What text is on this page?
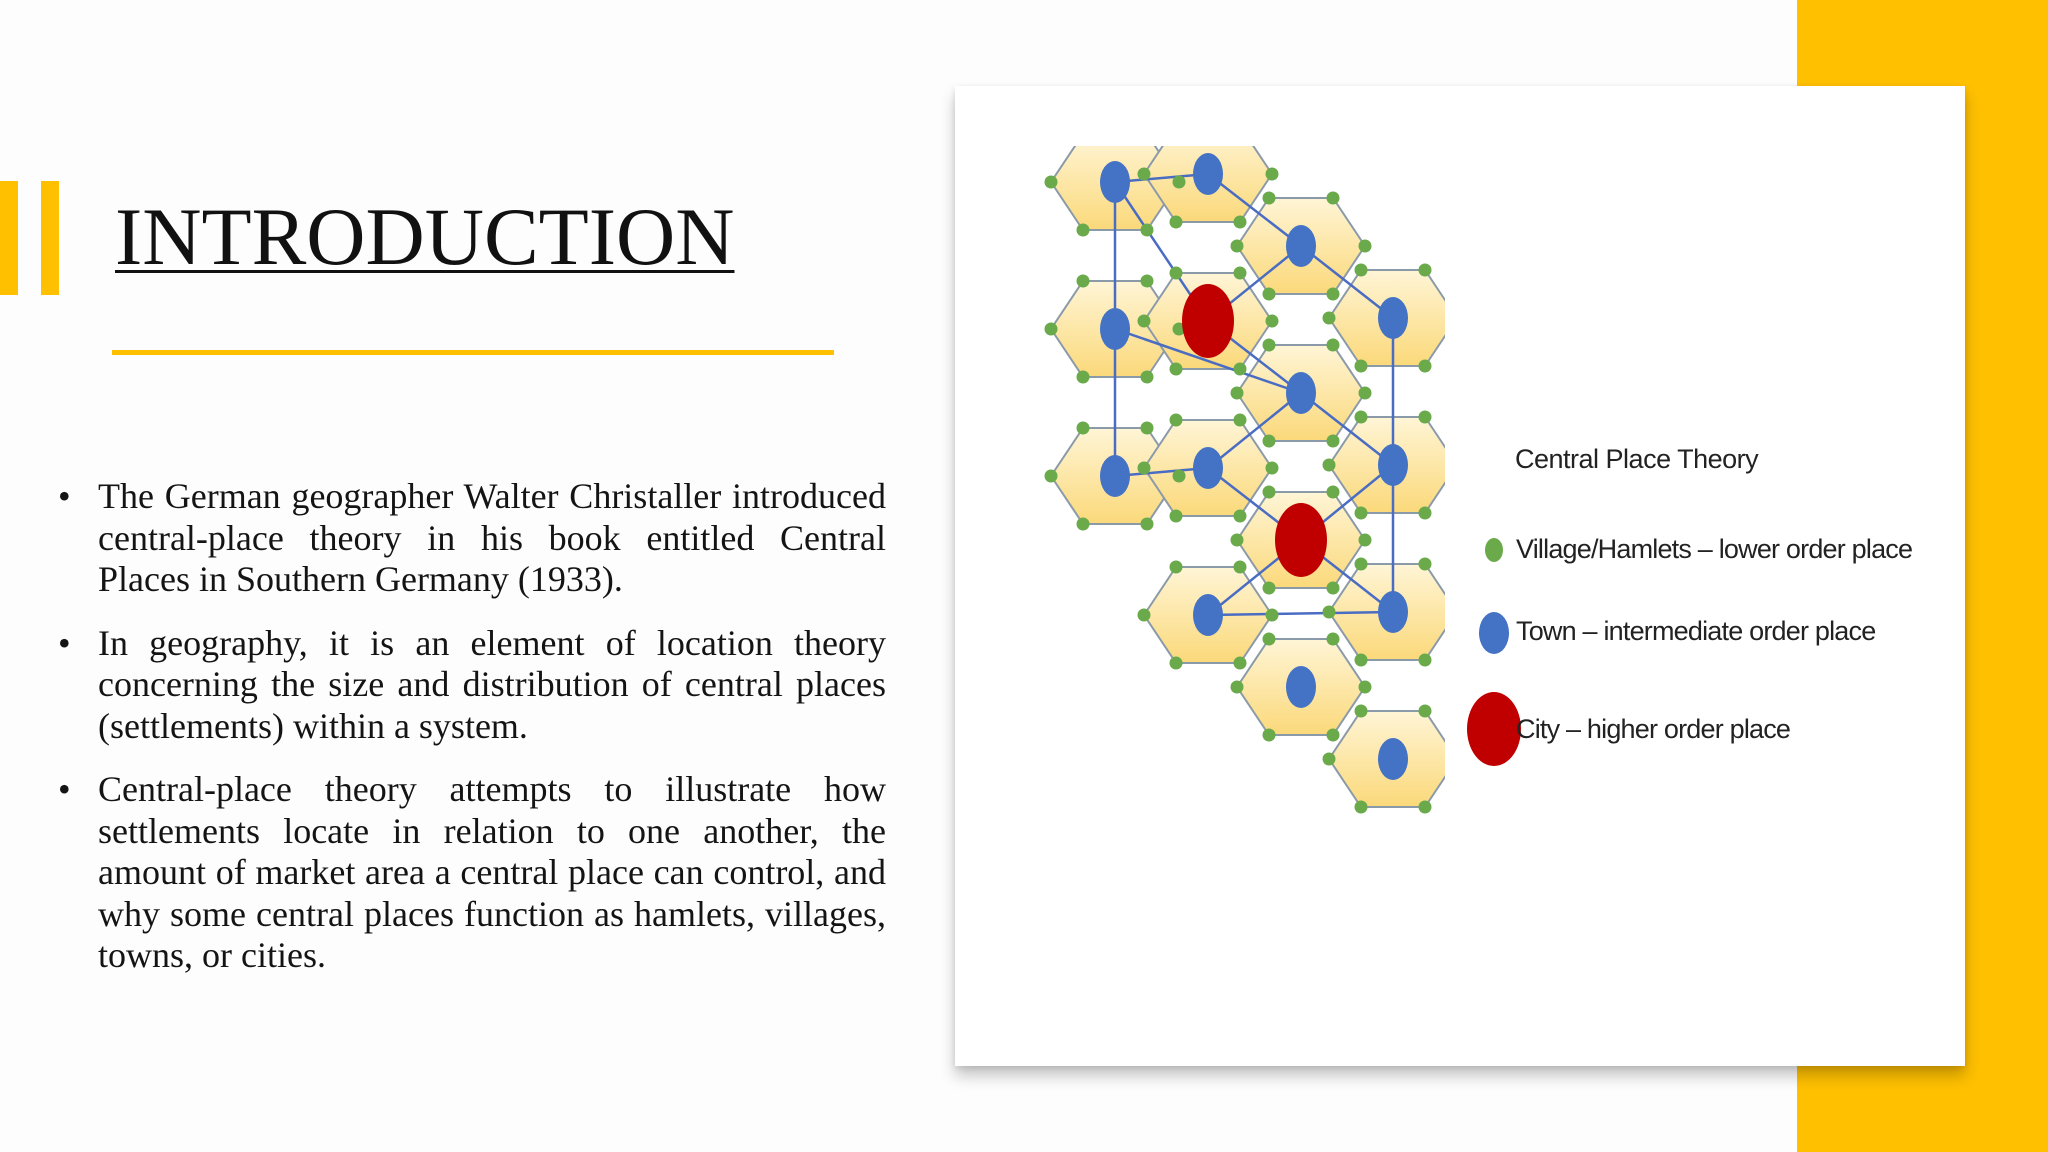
INTRODUCTION
• The German geographer Walter Christaller introduced central-place theory in his book entitled Central Places in Southern Germany (1933).
• In geography, it is an element of location theory concerning the size and distribution of central places (settlements) within a system.
• Central-place theory attempts to illustrate how settlements locate in relation to one another, the amount of market area a central place can control, and why some central places function as hamlets, villages, towns, or cities.
Central Place Theory
Village/Hamlets – lower order place
Town – intermediate order place
City – higher order place
